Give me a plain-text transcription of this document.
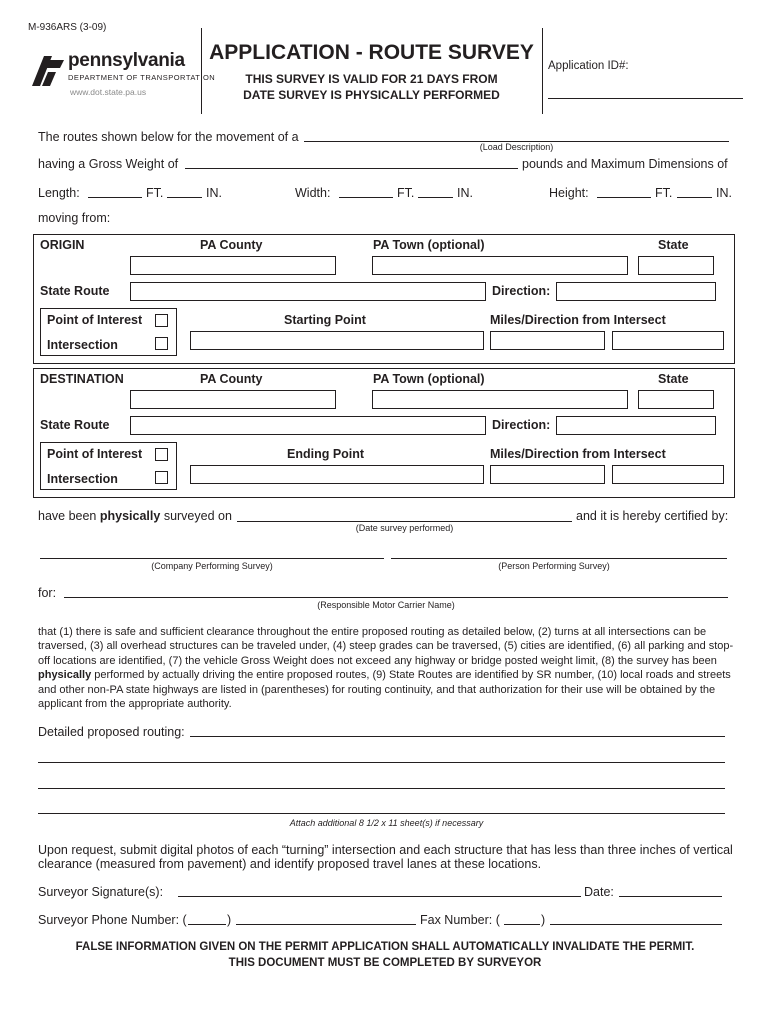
M-936ARS (3-09)
pennsylvania
DEPARTMENT OF TRANSPORTATION
www.dot.state.pa.us
APPLICATION - ROUTE SURVEY
THIS SURVEY IS VALID FOR 21 DAYS FROM
DATE SURVEY IS PHYSICALLY PERFORMED
Application ID#:
The routes shown below for the movement of a
(Load Description)
having a Gross Weight of	pounds and Maximum Dimensions of
Length:	FT.	IN.	Width:	FT.	IN.	Height:	FT.	IN.
moving from:
ORIGIN	PA County	PA Town (optional)	State
State Route	Direction:
Point of Interest
Intersection
Starting Point	Miles/Direction from Intersect
DESTINATION	PA County	PA Town (optional)	State
State Route	Direction:
Point of Interest
Intersection
Ending Point	Miles/Direction from Intersect
have been physically surveyed on
(Date survey performed)
and it is hereby certified by:
(Company Performing Survey)	(Person Performing Survey)
for:
(Responsible Motor Carrier Name)
that (1) there is safe and sufficient clearance throughout the entire proposed routing as detailed below, (2) turns at all intersections can be traversed, (3) all overhead structures can be traveled under, (4) steep grades can be traversed, (5) cities are identified, (6) all parking and stop-off locations are identified, (7) the vehicle Gross Weight does not exceed any highway or bridge posted weight limit, (8) the survey has been physically performed by actually driving the entire proposed routes, (9) State Routes are identified by SR number, (10) local roads and streets and other non-PA state highways are listed in (parentheses) for routing continuity, and that authorization for their use will be obtained by the applicant from the appropriate authority.
Detailed proposed routing:
Attach additional 8 1/2 x 11 sheet(s) if necessary
Upon request, submit digital photos of each “turning” intersection and each structure that has less than three inches of vertical
clearance (measured from pavement) and identify proposed travel lanes at these locations.
Surveyor Signature(s):	Date:
Surveyor Phone Number: (	)	Fax Number: (	)
FALSE INFORMATION GIVEN ON THE PERMIT APPLICATION SHALL AUTOMATICALLY INVALIDATE THE PERMIT.
THIS DOCUMENT MUST BE COMPLETED BY SURVEYOR
